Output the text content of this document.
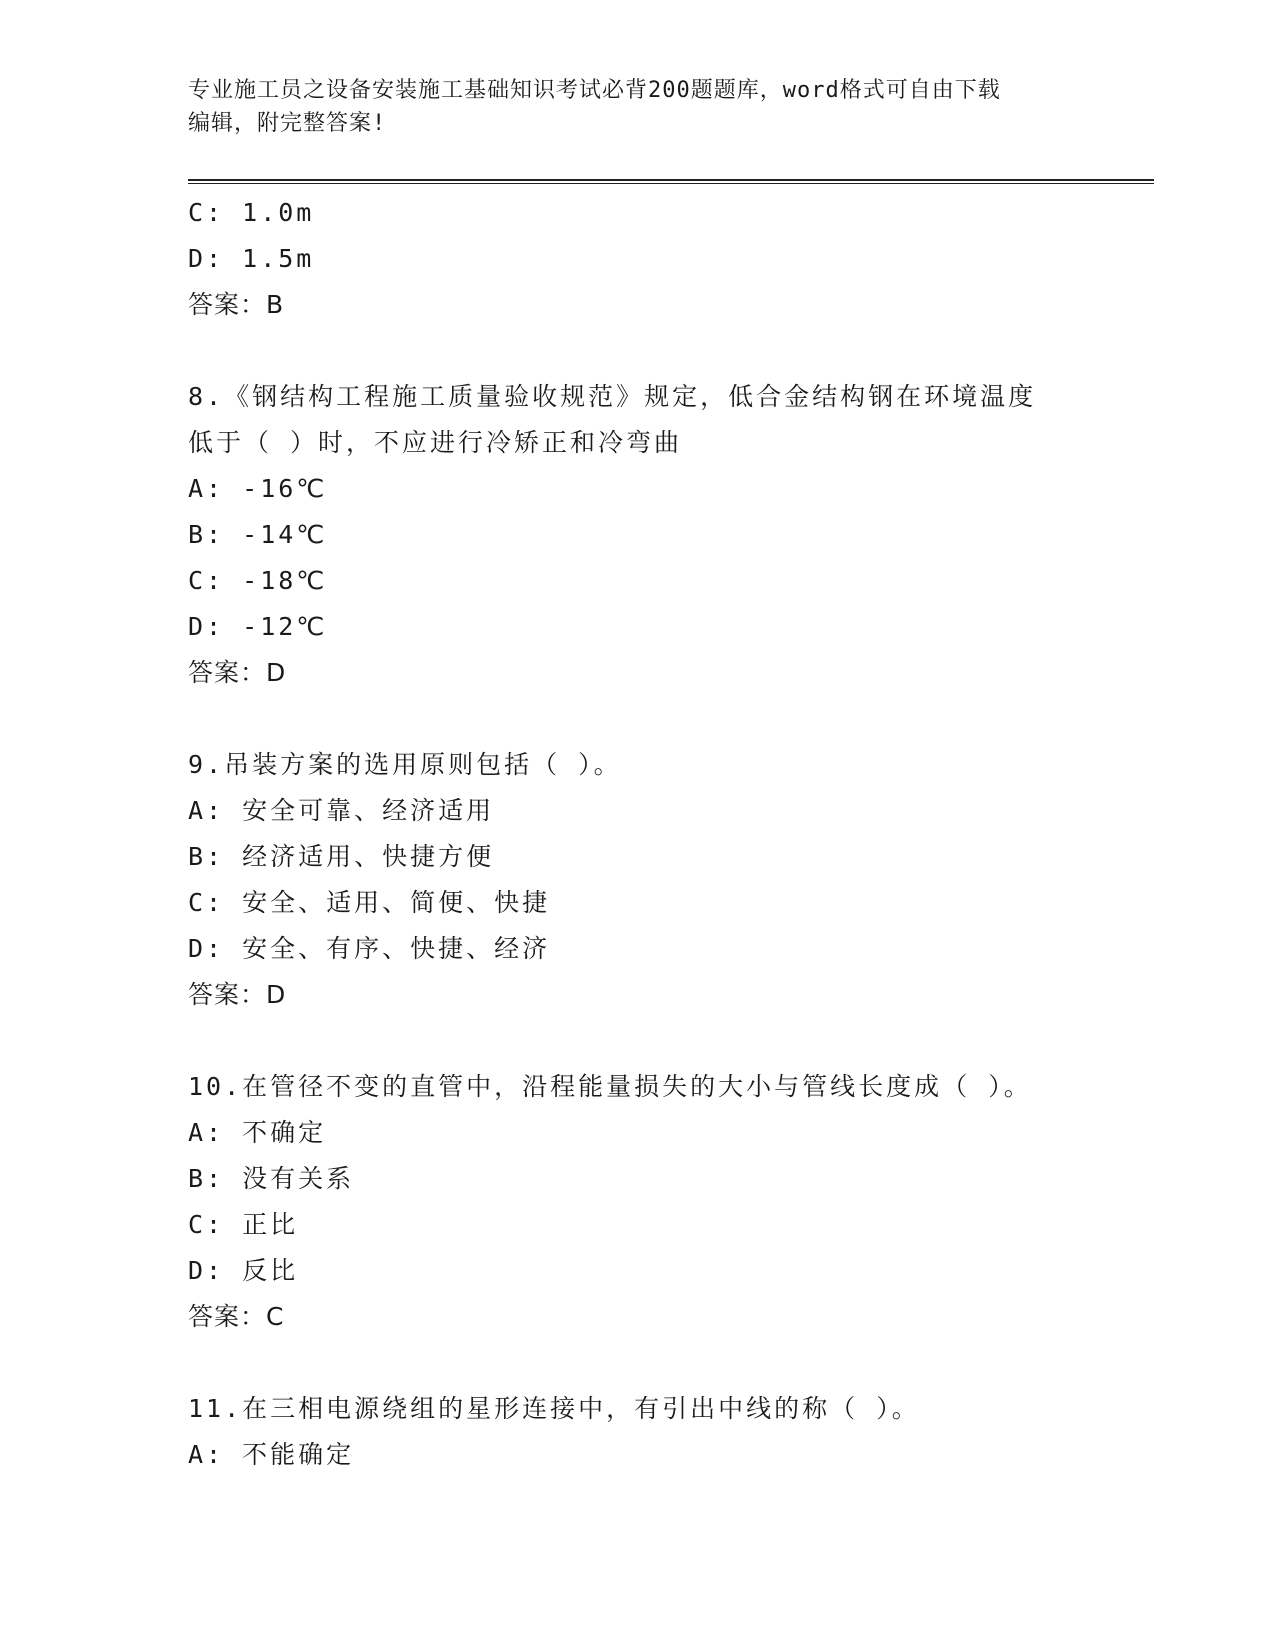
专业施工员之设备安装施工基础知识考试必背200题题库，word格式可自由下载
编辑，附完整答案!
C: 1.0m
D: 1.5m
答案：B
8.《钢结构工程施工质量验收规范》规定，低合金结构钢在环境温度
低于（ ）时，不应进行冷矫正和冷弯曲
A: -16℃
B: -14℃
C: -18℃
D: -12℃
答案：D
9.吊装方案的选用原则包括（ ）。
A: 安全可靠、经济适用
B: 经济适用、快捷方便
C: 安全、适用、简便、快捷
D: 安全、有序、快捷、经济
答案：D
10.在管径不变的直管中，沿程能量损失的大小与管线长度成（ ）。
A: 不确定
B: 没有关系
C: 正比
D: 反比
答案：C
11.在三相电源绕组的星形连接中，有引出中线的称（ ）。
A: 不能确定
